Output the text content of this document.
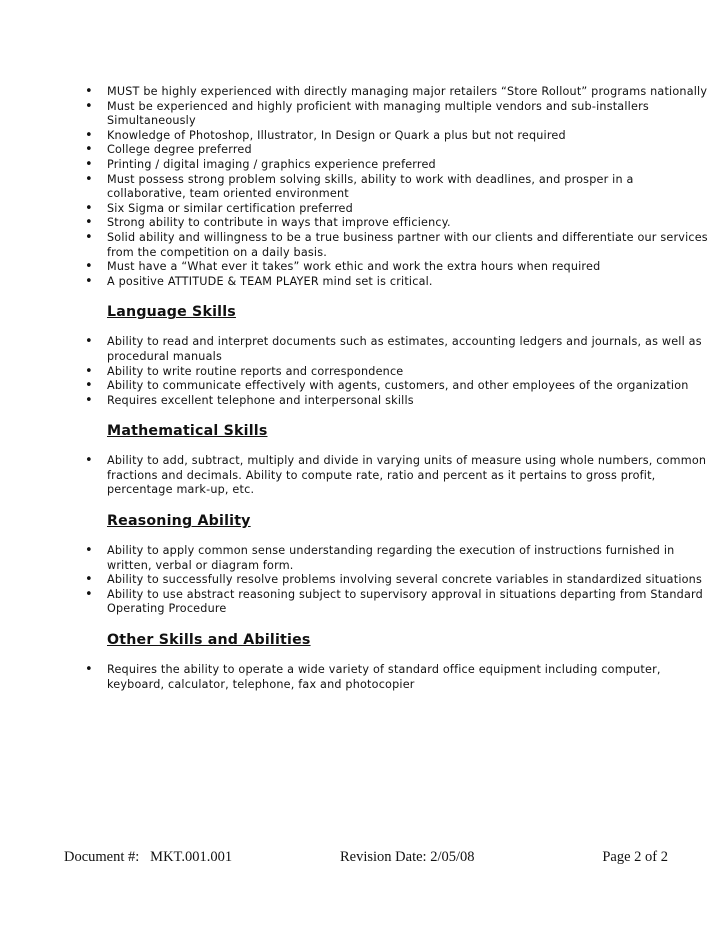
• MUST be highly experienced with directly managing major retailers “Store Rollout” programs nationally
• Must be experienced and highly proficient with managing multiple vendors and sub-installers Simultaneously
• Knowledge of Photoshop, Illustrator, In Design or Quark a plus but not required
• College degree preferred
• Printing / digital imaging / graphics experience preferred
• Must possess strong problem solving skills, ability to work with deadlines, and prosper in a collaborative, team oriented environment
• Six Sigma or similar certification preferred
• Strong ability to contribute in ways that improve efficiency.
• Solid ability and willingness to be a true business partner with our clients and differentiate our services from the competition on a daily basis.
• Must have a “What ever it takes” work ethic and work the extra hours when required
• A positive ATTITUDE & TEAM PLAYER mind set is critical.
Language Skills
• Ability to read and interpret documents such as estimates, accounting ledgers and journals, as well as procedural manuals
• Ability to write routine reports and correspondence
• Ability to communicate effectively with agents, customers, and other employees of the organization
• Requires excellent telephone and interpersonal skills
Mathematical Skills
• Ability to add, subtract, multiply and divide in varying units of measure using whole numbers, common fractions and decimals. Ability to compute rate, ratio and percent as it pertains to gross profit, percentage mark-up, etc.
Reasoning Ability
• Ability to apply common sense understanding regarding the execution of instructions furnished in written, verbal or diagram form.
• Ability to successfully resolve problems involving several concrete variables in standardized situations
• Ability to use abstract reasoning subject to supervisory approval in situations departing from Standard Operating Procedure
Other Skills and Abilities
• Requires the ability to operate a wide variety of standard office equipment including computer, keyboard, calculator, telephone, fax and photocopier
Document #:   MKT.001.001	Revision Date: 2/05/08	Page 2 of 2
